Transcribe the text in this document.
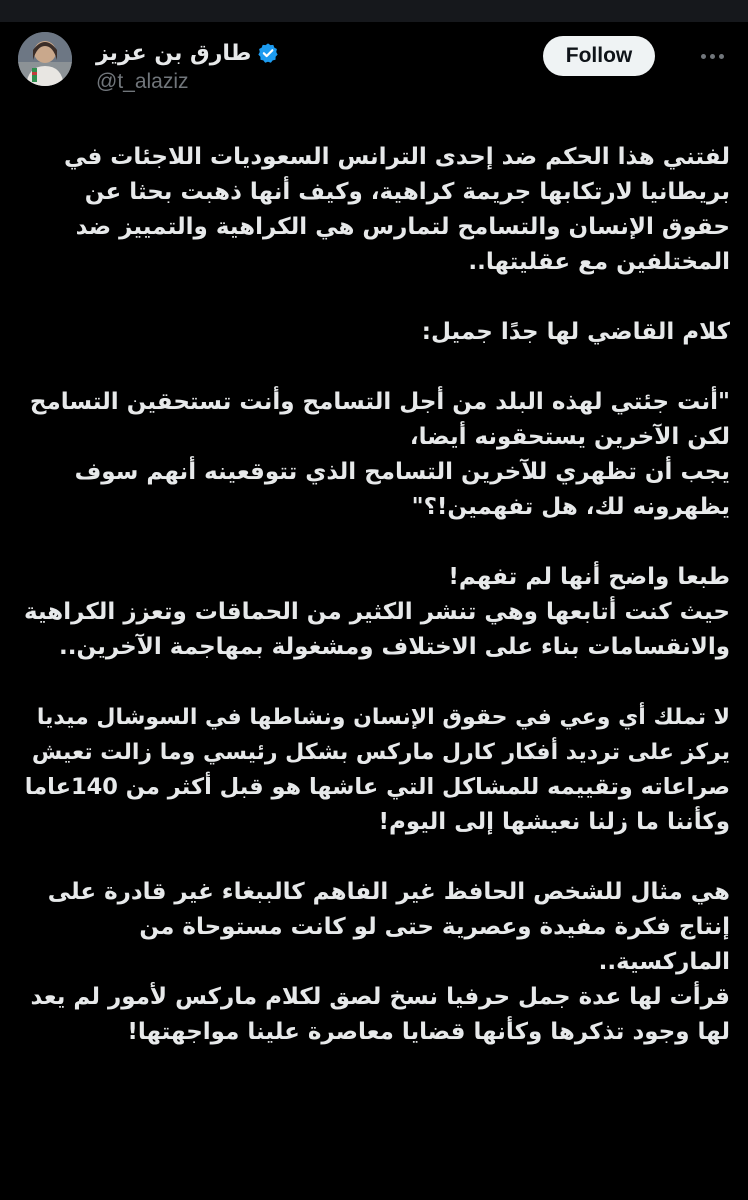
طارق بن عزيز
@t_alaziz
Follow
لفتني هذا الحكم ضد إحدى الترانس السعوديات اللاجئات في
بريطانيا لارتكابها جريمة كراهية، وكيف أنها ذهبت بحثا عن
حقوق الإنسان والتسامح لتمارس هي الكراهية والتمييز ضد
المختلفين مع عقليتها..
كلام القاضي لها جدًا جميل:
"أنت جئتي لهذه البلد من أجل التسامح وأنت تستحقين التسامح
لكن الآخرين يستحقونه أيضا،
يجب أن تظهري للآخرين التسامح الذي تتوقعينه أنهم سوف
يظهرونه لك، هل تفهمين!؟"
طبعا واضح أنها لم تفهم!
حيث كنت أتابعها وهي تنشر الكثير من الحماقات وتعزز الكراهية
والانقسامات بناء على الاختلاف ومشغولة بمهاجمة الآخرين..
لا تملك أي وعي في حقوق الإنسان ونشاطها في السوشال ميديا
يركز على ترديد أفكار كارل ماركس بشكل رئيسي وما زالت تعيش
صراعاته وتقييمه للمشاكل التي عاشها هو قبل أكثر من 140عاما
وكأننا ما زلنا نعيشها إلى اليوم!
هي مثال للشخص الحافظ غير الفاهم كالببغاء غير قادرة على
إنتاج فكرة مفيدة وعصرية حتى لو كانت مستوحاة من
الماركسية..
قرأت لها عدة جمل حرفيا نسخ لصق لكلام ماركس لأمور لم يعد
لها وجود تذكرها وكأنها قضايا معاصرة علينا مواجهتها!
